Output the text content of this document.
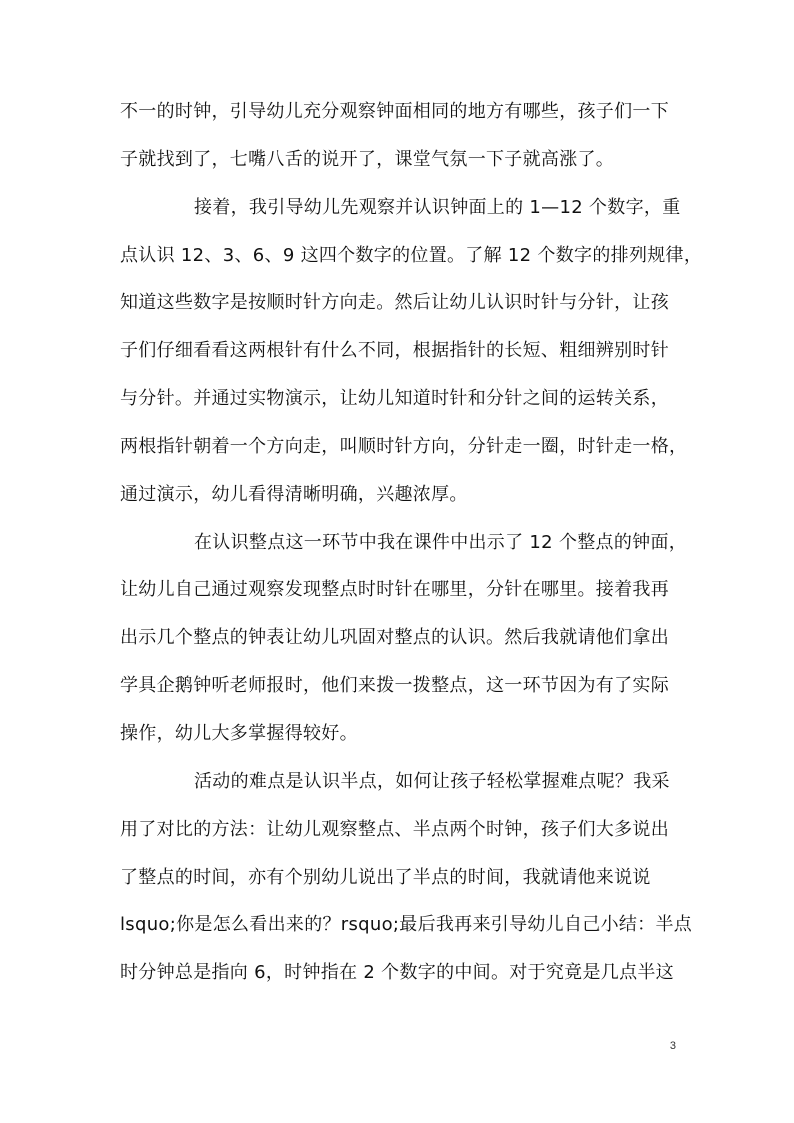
不一的时钟，引导幼儿充分观察钟面相同的地方有哪些，孩子们一下
子就找到了，七嘴八舌的说开了，课堂气氛一下子就高涨了。
接着，我引导幼儿先观察并认识钟面上的 1—12 个数字，重
点认识 12、3、6、9 这四个数字的位置。了解 12 个数字的排列规律，
知道这些数字是按顺时针方向走。然后让幼儿认识时针与分针，让孩
子们仔细看看这两根针有什么不同，根据指针的长短、粗细辨别时针
与分针。并通过实物演示，让幼儿知道时针和分针之间的运转关系，
两根指针朝着一个方向走，叫顺时针方向，分针走一圈，时针走一格，
通过演示，幼儿看得清晰明确，兴趣浓厚。
在认识整点这一环节中我在课件中出示了 12 个整点的钟面，
让幼儿自己通过观察发现整点时时针在哪里，分针在哪里。接着我再
出示几个整点的钟表让幼儿巩固对整点的认识。然后我就请他们拿出
学具企鹅钟听老师报时，他们来拨一拨整点，这一环节因为有了实际
操作，幼儿大多掌握得较好。
活动的难点是认识半点，如何让孩子轻松掌握难点呢？我采
用了对比的方法：让幼儿观察整点、半点两个时钟，孩子们大多说出
了整点的时间，亦有个别幼儿说出了半点的时间，我就请他来说说
lsquo;你是怎么看出来的？rsquo;最后我再来引导幼儿自己小结：半点
时分钟总是指向 6，时钟指在 2 个数字的中间。对于究竟是几点半这
3
